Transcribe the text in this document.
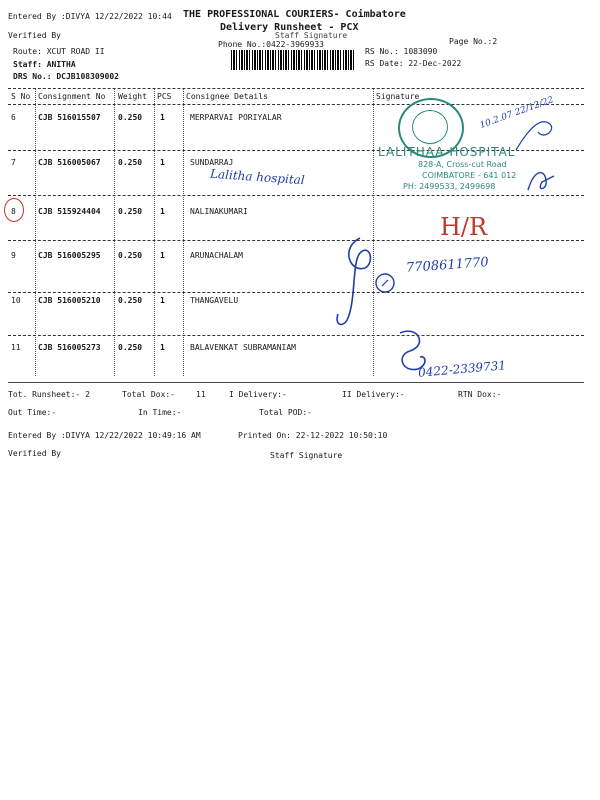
Entered By :DIVYA 12/22/2022 10:44 THE PROFESSIONAL COURIERS- Coimbatore
Delivery Runsheet - PCX
Verified By	Staff Signature
Phone No.:0422-3969933	Page No.:2
Route: XCUT ROAD II
Staff: ANITHA
DRS No.: DCJB108309002
RS No.: 1083090
RS Date: 22-Dec-2022
S No Consignment No Weight PCS Consignee Details	Signature
6	CJB 516015507 0.250 1	MERPARVAI PORIYALAR
7	CJB 516005067 0.250 1	SUNDARRAJ
8	CJB 515924404 0.250 1	NALINAKUMARI
9	CJB 516005295 0.250 1	ARUNACHALAM
10 CJB 516005210 0.250 1	THANGAVELU
11 CJB 516005273 0.250 1	BALAVENKAT SUBRAMANIAM
LALITHAA HOSPITAL
828-A, Cross-cut Road
COIMBATORE - 641 012
PH: 2499533, 2499698
10.2.07 22/12/22
Lalitha hospital
H/R
7708611770
0422-2339731
Tot. Runsheet:- 2	Total Dox:-	11	I Delivery:-	II Delivery:-	RTN Dox:-
Out Time:-	In Time:-	Total POD:-
Entered By :DIVYA 12/22/2022 10:49:16 AM	Printed On: 22-12-2022 10:50:10
Verified By	Staff Signature
